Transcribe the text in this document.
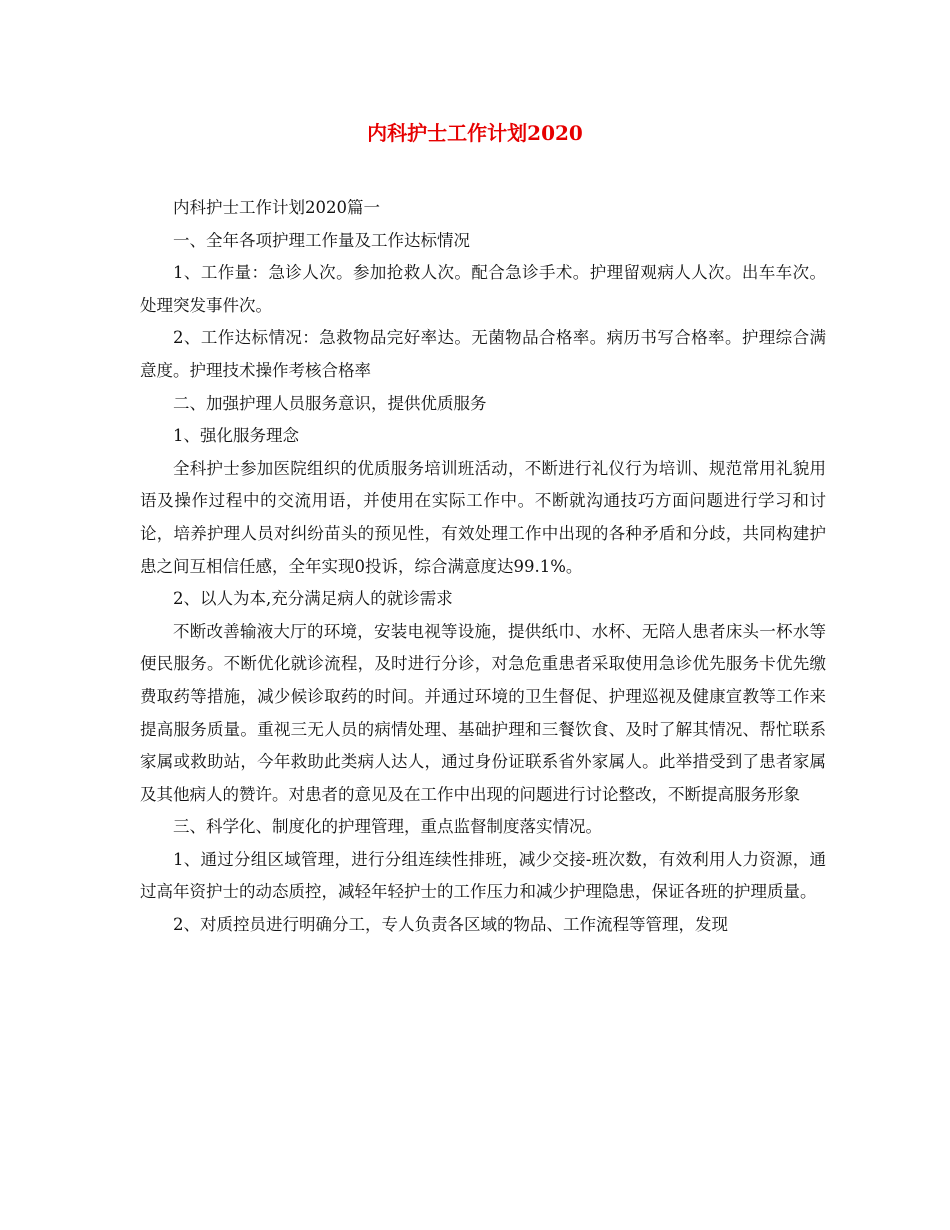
内科护士工作计划2020

内科护士工作计划2020篇一

一、全年各项护理工作量及工作达标情况

1、工作量：急诊人次。参加抢救人次。配合急诊手术。护理留观病人人次。出车车次。处理突发事件次。

2、工作达标情况：急救物品完好率达。无菌物品合格率。病历书写合格率。护理综合满意度。护理技术操作考核合格率

二、加强护理人员服务意识，提供优质服务

1、强化服务理念

全科护士参加医院组织的优质服务培训班活动，不断进行礼仪行为培训、规范常用礼貌用语及操作过程中的交流用语，并使用在实际工作中。不断就沟通技巧方面问题进行学习和讨论，培养护理人员对纠纷苗头的预见性，有效处理工作中出现的各种矛盾和分歧，共同构建护患之间互相信任感，全年实现0投诉，综合满意度达99.1%。

2、以人为本,充分满足病人的就诊需求

不断改善输液大厅的环境，安装电视等设施，提供纸巾、水杯、无陪人患者床头一杯水等便民服务。不断优化就诊流程，及时进行分诊，对急危重患者采取使用急诊优先服务卡优先缴费取药等措施，减少候诊取药的时间。并通过环境的卫生督促、护理巡视及健康宣教等工作来提高服务质量。重视三无人员的病情处理、基础护理和三餐饮食、及时了解其情况、帮忙联系家属或救助站，今年救助此类病人达人，通过身份证联系省外家属人。此举措受到了患者家属及其他病人的赞许。对患者的意见及在工作中出现的问题进行讨论整改，不断提高服务形象

三、科学化、制度化的护理管理，重点监督制度落实情况。

1、通过分组区域管理，进行分组连续性排班，减少交接-班次数，有效利用人力资源，通过高年资护士的动态质控，减轻年轻护士的工作压力和减少护理隐患，保证各班的护理质量。

2、对质控员进行明确分工，专人负责各区域的物品、工作流程等管理，发现
